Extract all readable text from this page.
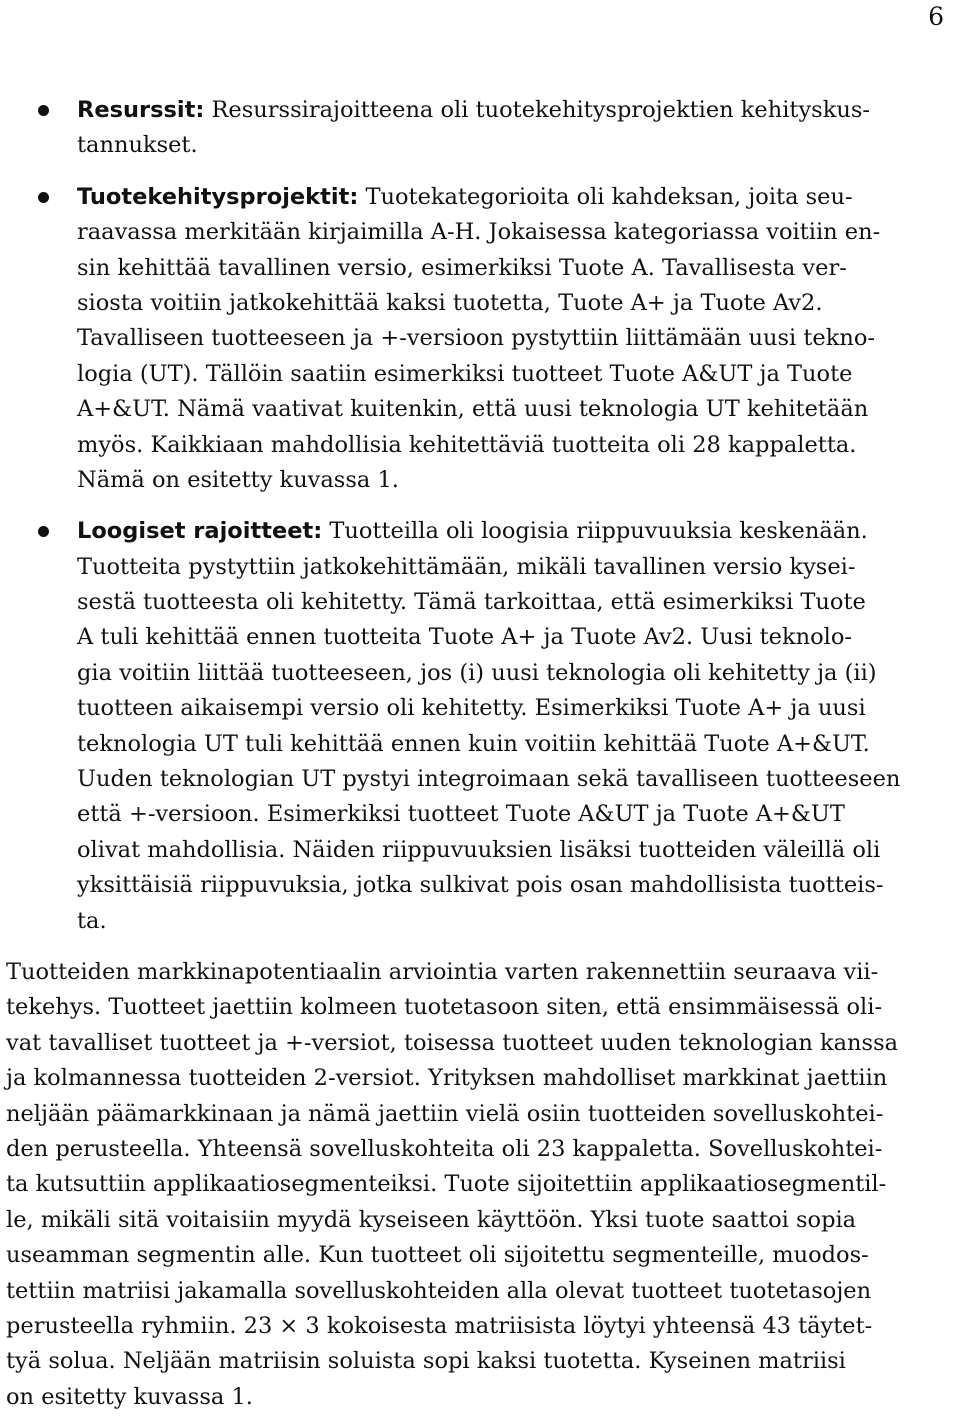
6
Resurssit: Resurssirajoitteena oli tuotekehitysprojektien kehityskus-
tannukset.
Tuotekehitysprojektit: Tuotekategorioita oli kahdeksan, joita seu-
raavassa merkitään kirjaimilla A-H. Jokaisessa kategoriassa voitiin en-
sin kehittää tavallinen versio, esimerkiksi Tuote A. Tavallisesta ver-
siosta voitiin jatkokehittää kaksi tuotetta, Tuote A+ ja Tuote Av2.
Tavalliseen tuotteeseen ja +-versioon pystyttiin liittämään uusi tekno-
logia (UT). Tällöin saatiin esimerkiksi tuotteet Tuote A&UT ja Tuote
A+&UT. Nämä vaativat kuitenkin, että uusi teknologia UT kehitetään
myös. Kaikkiaan mahdollisia kehitettäviä tuotteita oli 28 kappaletta.
Nämä on esitetty kuvassa 1.
Loogiset rajoitteet: Tuotteilla oli loogisia riippuvuuksia keskenään.
Tuotteita pystyttiin jatkokehittämään, mikäli tavallinen versio kysei-
sestä tuotteesta oli kehitetty. Tämä tarkoittaa, että esimerkiksi Tuote
A tuli kehittää ennen tuotteita Tuote A+ ja Tuote Av2. Uusi teknolo-
gia voitiin liittää tuotteeseen, jos (i) uusi teknologia oli kehitetty ja (ii)
tuotteen aikaisempi versio oli kehitetty. Esimerkiksi Tuote A+ ja uusi
teknologia UT tuli kehittää ennen kuin voitiin kehittää Tuote A+&UT.
Uuden teknologian UT pystyi integroimaan sekä tavalliseen tuotteeseen
että +-versioon. Esimerkiksi tuotteet Tuote A&UT ja Tuote A+&UT
olivat mahdollisia. Näiden riippuvuuksien lisäksi tuotteiden väleillä oli
yksittäisiä riippuvuksia, jotka sulkivat pois osan mahdollisista tuotteis-
ta.
Tuotteiden markkinapotentiaalin arviointia varten rakennettiin seuraava vii-
tekehys. Tuotteet jaettiin kolmeen tuotetasoon siten, että ensimmäisessä oli-
vat tavalliset tuotteet ja +-versiot, toisessa tuotteet uuden teknologian kanssa
ja kolmannessa tuotteiden 2-versiot. Yrityksen mahdolliset markkinat jaettiin
neljään päämarkkinaan ja nämä jaettiin vielä osiin tuotteiden sovelluskohtei-
den perusteella. Yhteensä sovelluskohteita oli 23 kappaletta. Sovelluskohtei-
ta kutsuttiin applikaatiosegmenteiksi. Tuote sijoitettiin applikaatiosegmentil-
le, mikäli sitä voitaisiin myydä kyseiseen käyttöön. Yksi tuote saattoi sopia
useamman segmentin alle. Kun tuotteet oli sijoitettu segmenteille, muodos-
tettiin matriisi jakamalla sovelluskohteiden alla olevat tuotteet tuotetasojen
perusteella ryhmiin. 23 × 3 kokoisesta matriisista löytyi yhteensä 43 täytet-
tyä solua. Neljään matriisin soluista sopi kaksi tuotetta. Kyseinen matriisi
on esitetty kuvassa 1.
